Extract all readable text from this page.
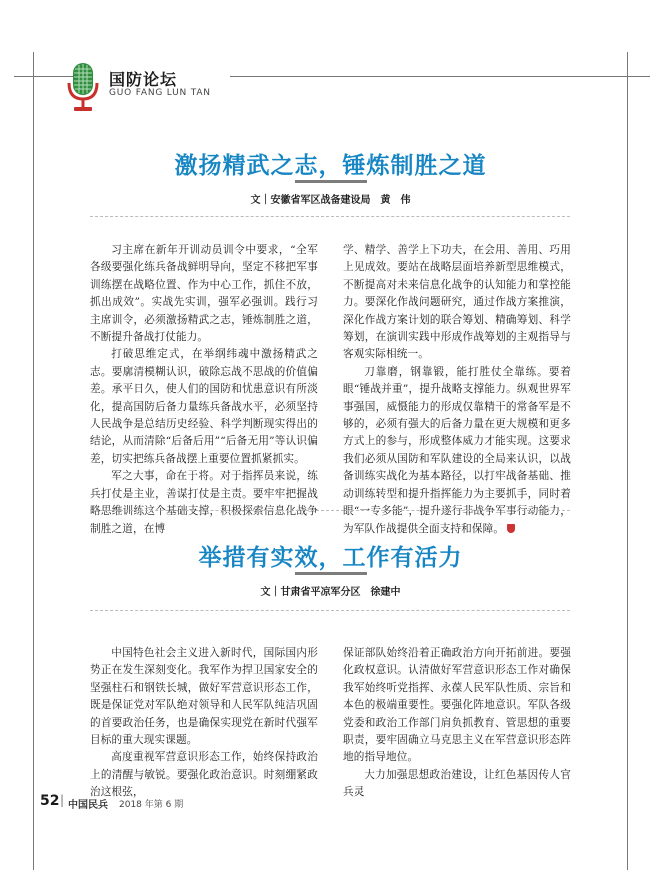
国防论坛
GUO FANG LUN TAN
激扬精武之志，锤炼制胜之道
文｜安徽省军区战备建设局　黄　伟

习主席在新年开训动员训令中要求，“全军各级要强化练兵备战鲜明导向，坚定不移把军事训练摆在战略位置、作为中心工作，抓住不放，抓出成效”。实战先实训，强军必强训。践行习主席训令，必须激扬精武之志，锤炼制胜之道，不断提升备战打仗能力。

打破思维定式，在举纲纬魂中激扬精武之志。要廓清模糊认识，破除忘战不思战的价值偏差。承平日久，使人们的国防和忧患意识有所淡化，提高国防后备力量练兵备战水平，必须坚持人民战争是总结历史经验、科学判断现实得出的结论，从而清除“后备后用”“后备无用”等认识偏差，切实把练兵备战摆上重要位置抓紧抓实。

军之大事，命在于将。对于指挥员来说，练兵打仗是主业，善谋打仗是主责。要牢牢把握战略思维训练这个基础支撑，积极探索信息化战争制胜之道，在博

学、精学、善学上下功夫，在会用、善用、巧用上见成效。要站在战略层面培养新型思维模式，不断提高对未来信息化战争的认知能力和掌控能力。要深化作战问题研究，通过作战方案推演，深化作战方案计划的联合筹划、精确筹划、科学筹划，在演训实践中形成作战筹划的主观指导与客观实际相统一。

刀靠磨，钢靠锻，能打胜仗全靠练。要着眼“锤战并重”，提升战略支撑能力。纵观世界军事强国，威慑能力的形成仅靠精干的常备军是不够的，必须有强大的后备力量在更大规模和更多方式上的参与，形成整体威力才能实现。这要求我们必须从国防和军队建设的全局来认识，以战备训练实战化为基本路径，以打牢战备基础、推动训练转型和提升指挥能力为主要抓手，同时着眼“一专多能”，提升遂行非战争军事行动能力，为军队作战提供全面支持和保障。

举措有实效，工作有活力
文｜甘肃省平凉军分区　徐建中

中国特色社会主义进入新时代，国际国内形势正在发生深刻变化。我军作为捍卫国家安全的坚强柱石和钢铁长城，做好军营意识形态工作，既是保证党对军队绝对领导和人民军队纯洁巩固的首要政治任务，也是确保实现党在新时代强军目标的重大现实课题。

高度重视军营意识形态工作，始终保持政治上的清醒与敏锐。要强化政治意识。时刻绷紧政治这根弦，

保证部队始终沿着正确政治方向开拓前进。要强化政权意识。认清做好军营意识形态工作对确保我军始终听党指挥、永葆人民军队性质、宗旨和本色的极端重要性。要强化阵地意识。军队各级党委和政治工作部门肩负抓教育、管思想的重要职责，要牢固确立马克思主义在军营意识形态阵地的指导地位。

大力加强思想政治建设，让红色基因传人官兵灵

52 | 中国民兵 2018 年第 6 期
